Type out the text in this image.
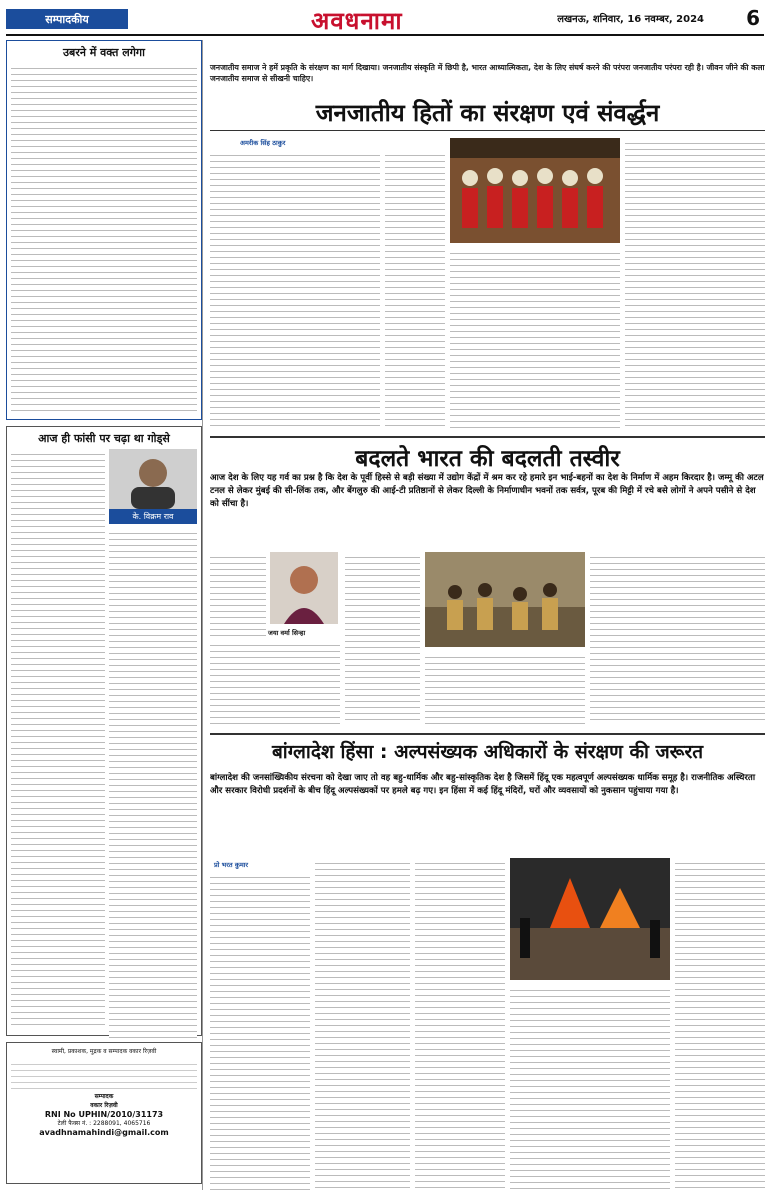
सम्पादकीय	अवधनामा	लखनऊ, शनिवार, 16 नवम्बर, 2024 6
उबरने में वक्त लगेगा
आज ही फांसी पर चढ़ा था गोड्से
के. विक्रम राव
स्वामी, प्रकाशक, मुद्रक व सम्पादक वकार रिज़वी
सम्पादक
वकार रिज़वी
RNI No UPHIN/2010/31173
टेली फैक्स नं. : 2288091, 4065716
avadhnamahindi@gmail.com
जनजातीय समाज ने हमें प्रकृति के संरक्षण का मार्ग दिखाया। जनजातीय संस्कृति में छिपी है, भारत आध्यात्मिकता, देश के लिए संघर्ष करने की परंपरा जनजातीय परंपरा रही है। जीवन जीने की कला जनजातीय समाज से सीखनी चाहिए।
जनजातीय हितों का संरक्षण एवं संवर्द्धन
अमरीक सिंह ठाकुर
बदलते भारत की बदलती तस्वीर
आज देश के लिए यह गर्व का प्रश्न है कि देश के पूर्वी हिस्से से बड़ी संख्या में उद्योग केंद्रों में श्रम कर रहे हमारे इन भाई-बहनों का देश के निर्माण में अहम किरदार है। जम्मू की अटल टनल से लेकर मुंबई की सी-लिंक तक, और बेंगलुरु की आई-टी प्रतिष्ठानों से लेकर दिल्ली के निर्माणाधीन भवनों तक सर्वत्र, पूरब की मिट्टी में रचे बसे लोगों ने अपने पसीने से देश को सींचा है।
जया वर्मा सिन्हा
बांग्लादेश हिंसा : अल्पसंख्यक अधिकारों के संरक्षण की जरूरत
बांग्लादेश की जनसांख्यिकीय संरचना को देखा जाए तो वह बहु-धार्मिक और बहु-सांस्कृतिक देश है जिसमें हिंदू एक महत्वपूर्ण अल्पसंख्यक धार्मिक समूह है। राजनीतिक अस्थिरता और सरकार विरोधी प्रदर्शनों के बीच हिंदू अल्पसंख्यकों पर हमले बढ़ गए। इन हिंसा में कई हिंदू मंदिरों, घरों और व्यवसायों को नुकसान पहुंचाया गया है।
प्रो भरत कुमार
